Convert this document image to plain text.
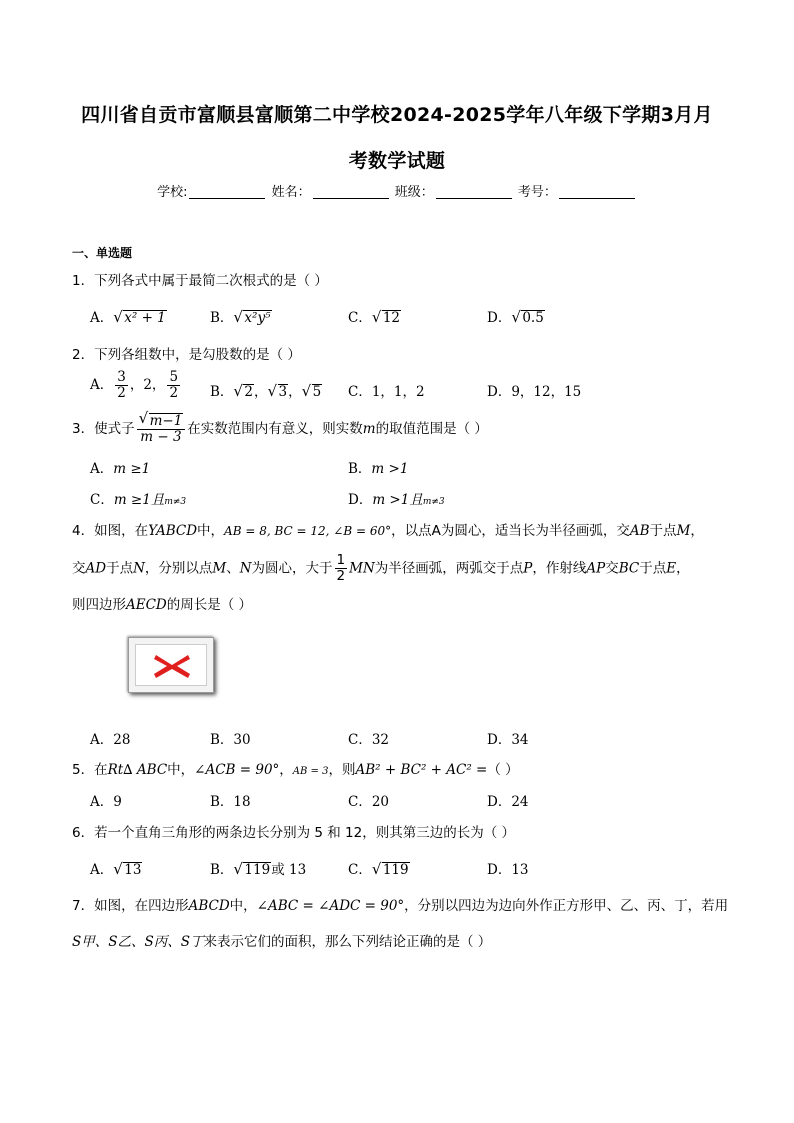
四川省自贡市富顺县富顺第二中学校2024-2025学年八年级下学期3月月
考数学试题
学校:	姓名：	班级：	考号：
一、单选题
1．下列各式中属于最简二次根式的是（ ）
A． √ x² + 1	B． √ x²y⁵	C． √ 12	D． √ 0.5
2．下列各组数中，是勾股数的是（ ）
A． $\frac{3}{2}$ ，2， $\frac{5}{2}$ B． √ 2， √ 3， √ 5 C．1，1，2	D．9，12，15
3．使式子 √ $\frac{m-1}{m - 3}$ 在实数范围内有意义，则实数m的取值范围是（ ）
A．m ≥1	B．m >1
C．m ≥1且m≠3	D．m >1且m≠3
4．如图，在YABCD中，AB = 8, BC = 12, ∠B = 60°，以点A为圆心，适当长为半径画弧，交AB于点M，
交AD于点N，分别以点M、N为圆心，大于 $\frac{1}{2}$ MN为半径画弧，两弧交于点P，作射线AP交BC于点E，
则四边形AECD的周长是（ ）
A．28	B．30	C．32	D．34
5．在Rt∆ ABC中，∠ACB = 90°，AB = 3，则AB² + BC² + AC² =（ ）
A．9	B．18	C．20	D．24
6．若一个直角三角形的两条边长分别为 5 和 12，则其第三边的长为（ ）
A． √ 13	B． √ 119或 13	C． √ 119	D．13
7．如图，在四边形ABCD中，∠ABC = ∠ADC = 90°，分别以四边为边向外作正方形甲、乙、丙、丁，若用
S甲、S乙、S丙、S丁来表示它们的面积，那么下列结论正确的是（ ）
